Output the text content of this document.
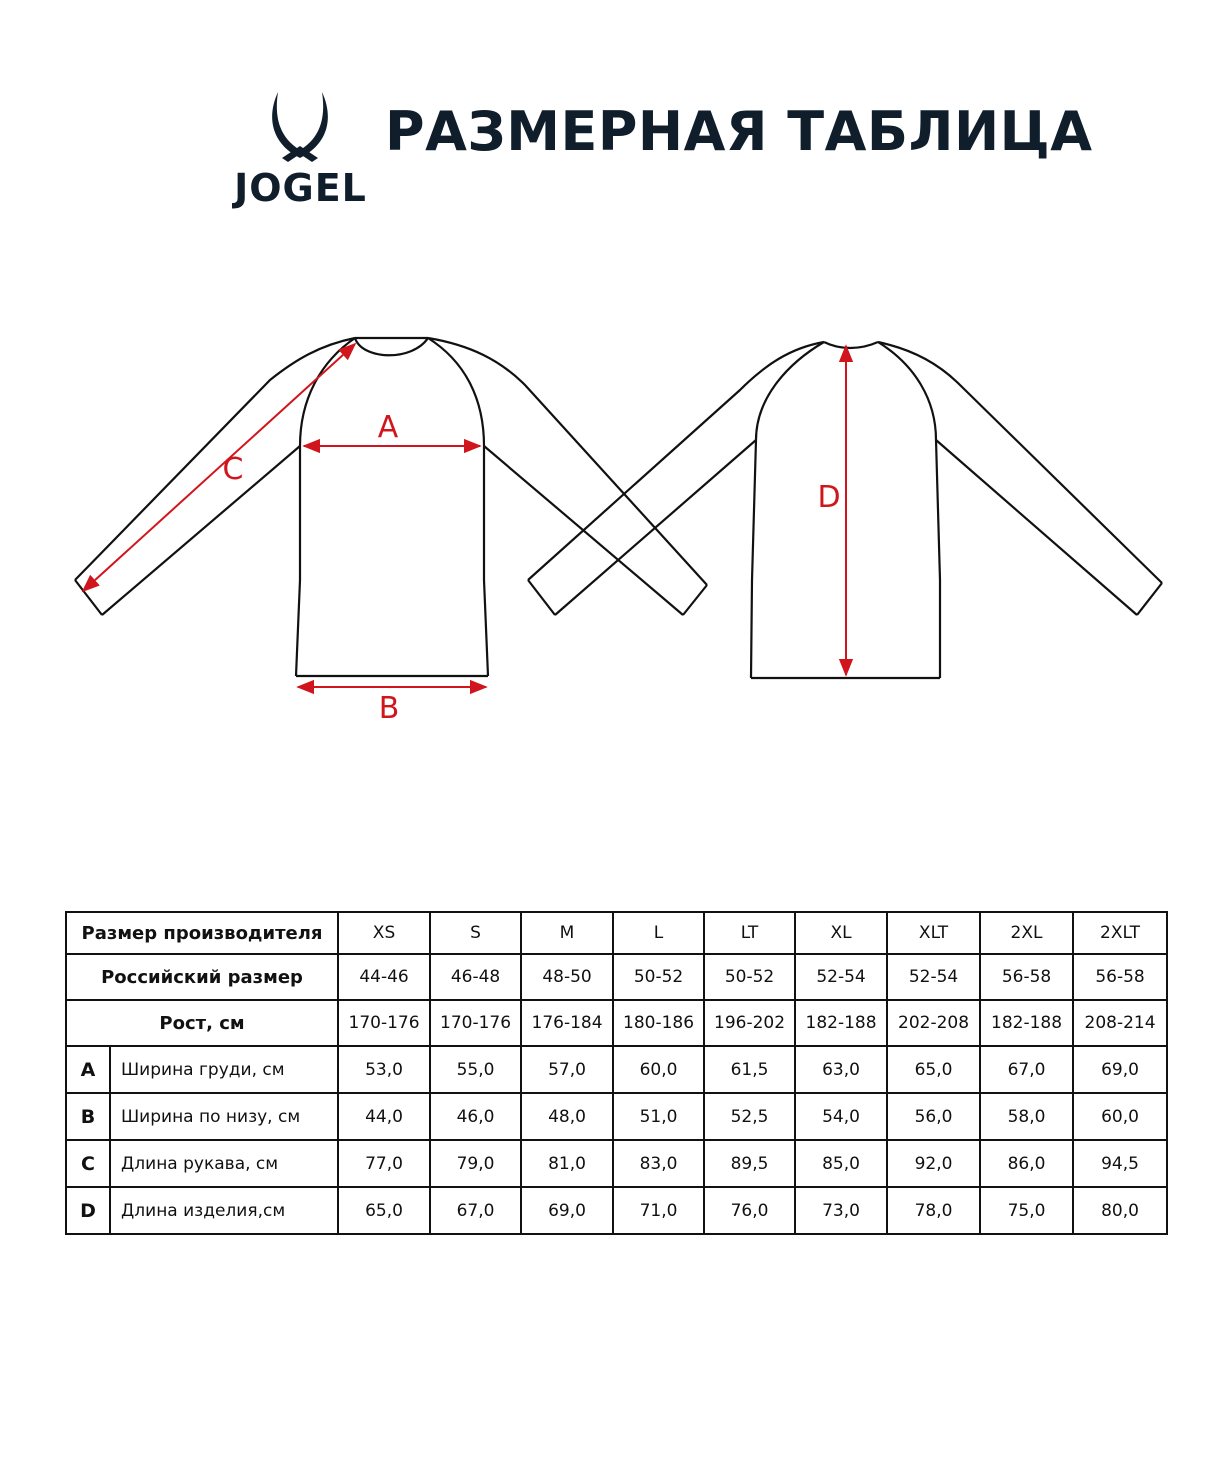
JOGEL
РАЗМЕРНАЯ ТАБЛИЦА
A
B
C
D
Размер производителя		XS	S	M	L	LT	XL	XLT	2XL	2XLT
Российский размер		44-46	46-48	48-50	50-52	50-52	52-54	52-54	56-58	56-58
Рост, см		170-176	170-176	176-184	180-186	196-202	182-188	202-208	182-188	208-214
A	Ширина груди, см	53,0	55,0	57,0	60,0	61,5	63,0	65,0	67,0	69,0
B	Ширина по низу, см	44,0	46,0	48,0	51,0	52,5	54,0	56,0	58,0	60,0
C	Длина рукава, см	77,0	79,0	81,0	83,0	89,5	85,0	92,0	86,0	94,5
D	Длина изделия,см	65,0	67,0	69,0	71,0	76,0	73,0	78,0	75,0	80,0
